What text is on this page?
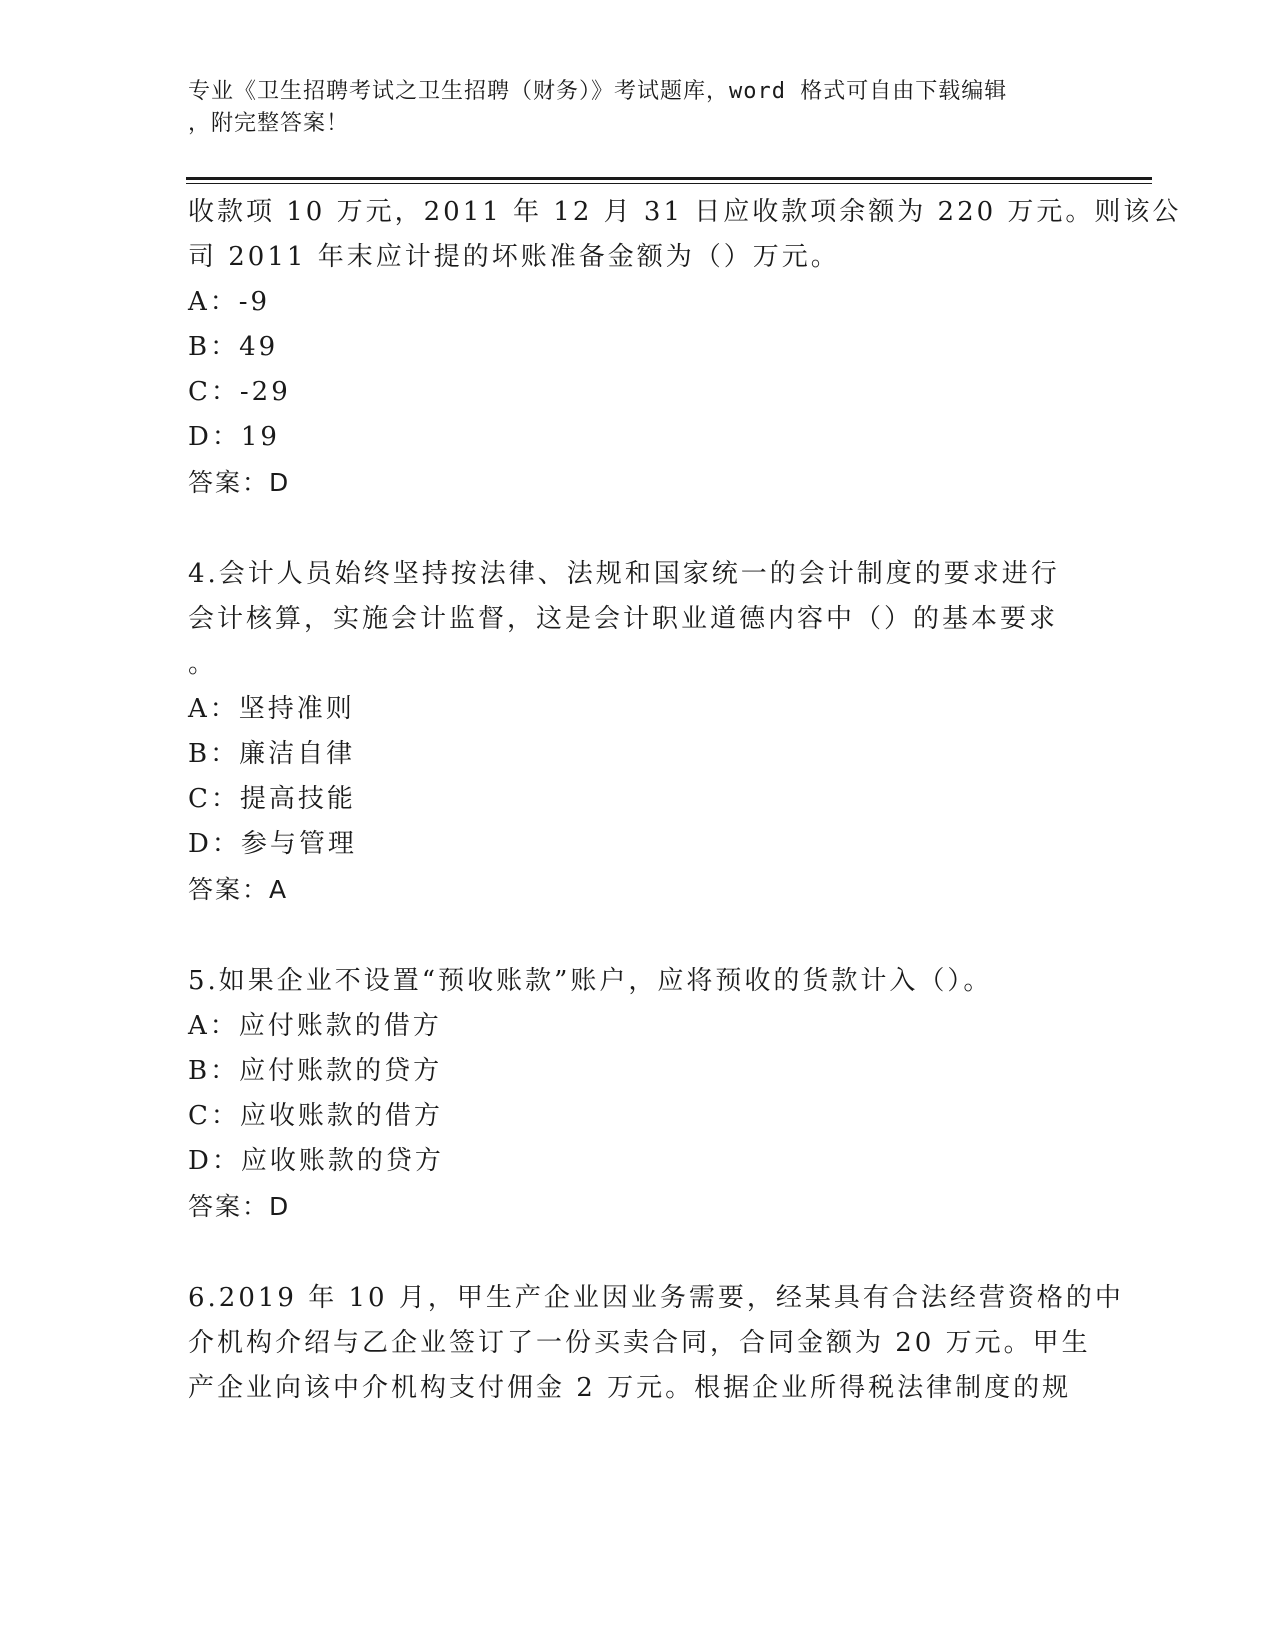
专业《卫生招聘考试之卫生招聘（财务）》考试题库，word 格式可自由下载编辑
，附完整答案！
收款项 10 万元，2011 年 12 月 31 日应收款项余额为 220 万元。则该公
司 2011 年末应计提的坏账准备金额为（）万元。
A：-9
B：49
C：-29
D：19
答案：D
4.会计人员始终坚持按法律、法规和国家统一的会计制度的要求进行
会计核算，实施会计监督，这是会计职业道德内容中（）的基本要求
。
A：坚持准则
B：廉洁自律
C：提高技能
D：参与管理
答案：A
5.如果企业不设置“预收账款”账户，应将预收的货款计入（）。
A：应付账款的借方
B：应付账款的贷方
C：应收账款的借方
D：应收账款的贷方
答案：D
6.2019 年 10 月，甲生产企业因业务需要，经某具有合法经营资格的中
介机构介绍与乙企业签订了一份买卖合同，合同金额为 20 万元。甲生
产企业向该中介机构支付佣金 2 万元。根据企业所得税法律制度的规
